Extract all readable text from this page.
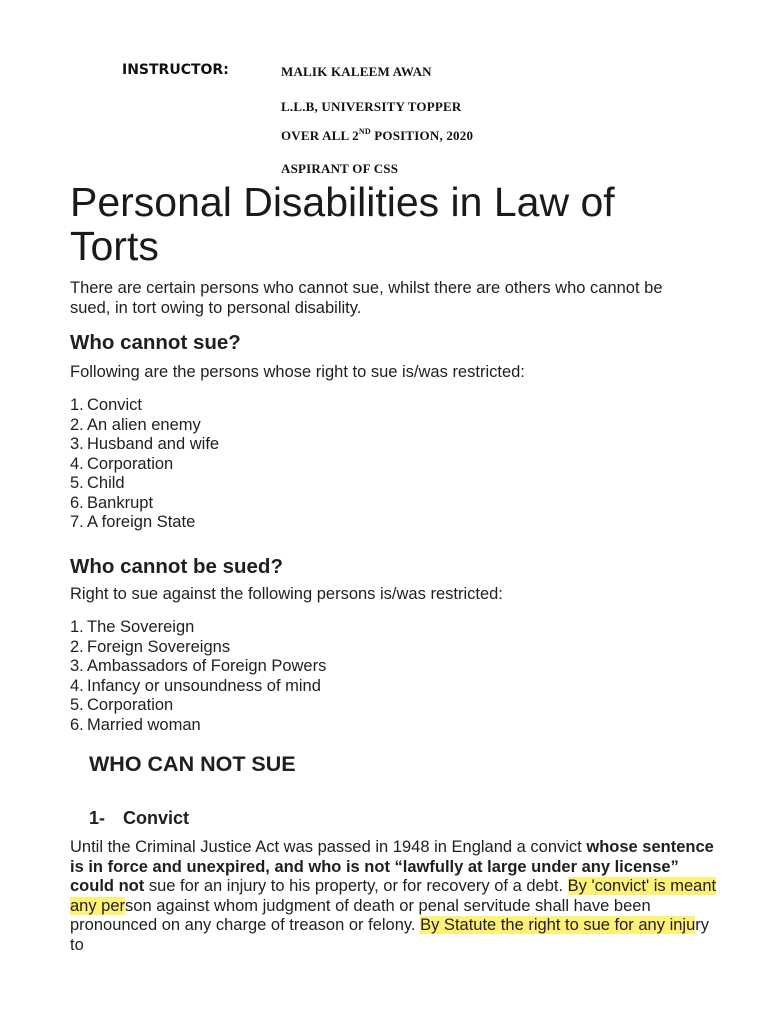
INSTRUCTOR:	MALIK KALEEM AWAN
L.L.B, UNIVERSITY TOPPER
OVER ALL 2ND POSITION, 2020
ASPIRANT OF CSS
Personal Disabilities in Law of Torts

There are certain persons who cannot sue, whilst there are others who cannot be sued, in tort owing to personal disability.

Who cannot sue?

Following are the persons whose right to sue is/was restricted:

1. Convict
2. An alien enemy
3. Husband and wife
4. Corporation
5. Child
6. Bankrupt
7. A foreign State
Who cannot be sued?

Right to sue against the following persons is/was restricted:

1. The Sovereign
2. Foreign Sovereigns
3. Ambassadors of Foreign Powers
4. Infancy or unsoundness of mind
5. Corporation
6. Married woman
WHO CAN NOT SUE
1- Convict
Until the Criminal Justice Act was passed in 1948 in England a convict whose sentence is in force and unexpired, and who is not “lawfully at large under any license” could not sue for an injury to his property, or for recovery of a debt. By 'convict' is meant any person against whom judgment of death or penal servitude shall have been pronounced on any charge of treason or felony. By Statute the right to sue for any injury to
